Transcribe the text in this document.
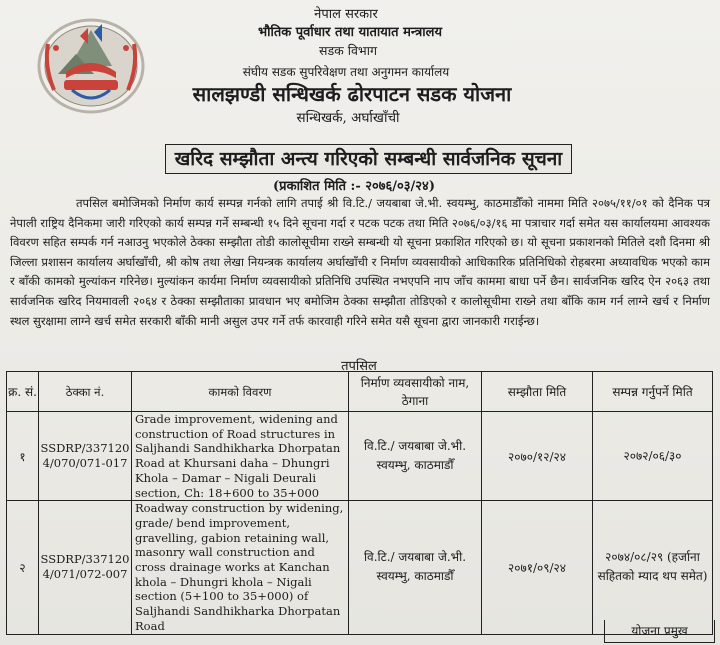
नेपाल सरकार
भौतिक पूर्वाधार तथा यातायात मन्त्रालय
सडक विभाग
संघीय सडक सुपरिवेक्षण तथा अनुगमन कार्यालय
सालझण्डी सन्धिखर्क ढोरपाटन सडक योजना
सन्धिखर्क, अर्घाखाँची
खरिद सम्झौता अन्त्य गरिएको सम्बन्धी सार्वजनिक सूचना
(प्रकाशित मिति :- २०७६/०३/२४)
तपसिल बमोजिमको निर्माण कार्य सम्पन्न गर्नको लागि तपाई श्री वि.टि./ जयबाबा जे.भी. स्वयम्भु, काठमाडौँको नाममा मिति २०७५/११/०१ को दैनिक पत्र नेपाली राष्ट्रिय दैनिकमा जारी गरिएको कार्य सम्पन्न गर्ने सम्बन्धी १५ दिने सूचना गर्दा र पटक पटक तथा मिति २०७६/०३/१६ मा पत्राचार गर्दा समेत यस कार्यालयमा आवश्यक विवरण सहित सम्पर्क गर्न नआउनु भएकोले ठेक्का सम्झौता तोडी कालोसूचीमा राख्ने सम्बन्धी यो सूचना प्रकाशित गरिएको छ। यो सूचना प्रकाशनको मितिले दशौ दिनमा श्री जिल्ला प्रशासन कार्यालय अर्घाखाँची, श्री कोष तथा लेखा नियन्त्रक कार्यालय अर्घाखाँची र निर्माण व्यवसायीको आधिकारिक प्रतिनिधिको रोहबरमा अध्यावधिक भएको काम र बाँकी कामको मुल्यांकन गरिनेछ। मुल्यांकन कार्यमा निर्माण व्यवसायीको प्रतिनिधि उपस्थित नभएपनि नाप जाँच काममा बाधा पर्ने छैन। सार्वजनिक खरिद ऐन २०६३ तथा सार्वजनिक खरिद नियमावली २०६४ र ठेक्का सम्झौताका प्रावधान भए बमोजिम ठेक्का सम्झौता तोडिएको र कालोसूचीमा राख्ने तथा बाँकि काम गर्न लाग्ने खर्च र निर्माण स्थल सुरक्षामा लाग्ने खर्च समेत सरकारी बाँकी मानी असुल उपर गर्ने तर्फ कारवाही गरिने समेत यसै सूचना द्वारा जानकारी गराईन्छ।
तपसिल
क्र. सं.	ठेक्का नं.	कामको विवरण	निर्माण व्यवसायीको नाम, ठेगाना	सम्झौता मिति	सम्पन्न गर्नुपर्ने मिति
१	SSDRP/337120 4/070/071-017	Grade improvement, widening and construction of Road structures in Saljhandi Sandhikharka Dhorpatan Road at Khursani daha – Dhungri Khola – Damar – Nigali Deurali section, Ch: 18+600 to 35+000	वि.टि./ जयबाबा जे.भी. स्वयम्भु, काठमाडौँ	२०७०/१२/२४	२०७२/०६/३०
२	SSDRP/337120 4/071/072-007	Roadway construction by widening, grade/ bend improvement, gravelling, gabion retaining wall, masonry wall construction and cross drainage works at Kanchan khola – Dhungri khola – Nigali section (5+100 to 35+000) of Saljhandi Sandhikharka Dhorpatan Road	वि.टि./ जयबाबा जे.भी. स्वयम्भु, काठमाडौँ	२०७१/०९/२४	२०७४/०८/२९ (हर्जाना सहितको म्याद थप समेत)
योजना प्रमुख
